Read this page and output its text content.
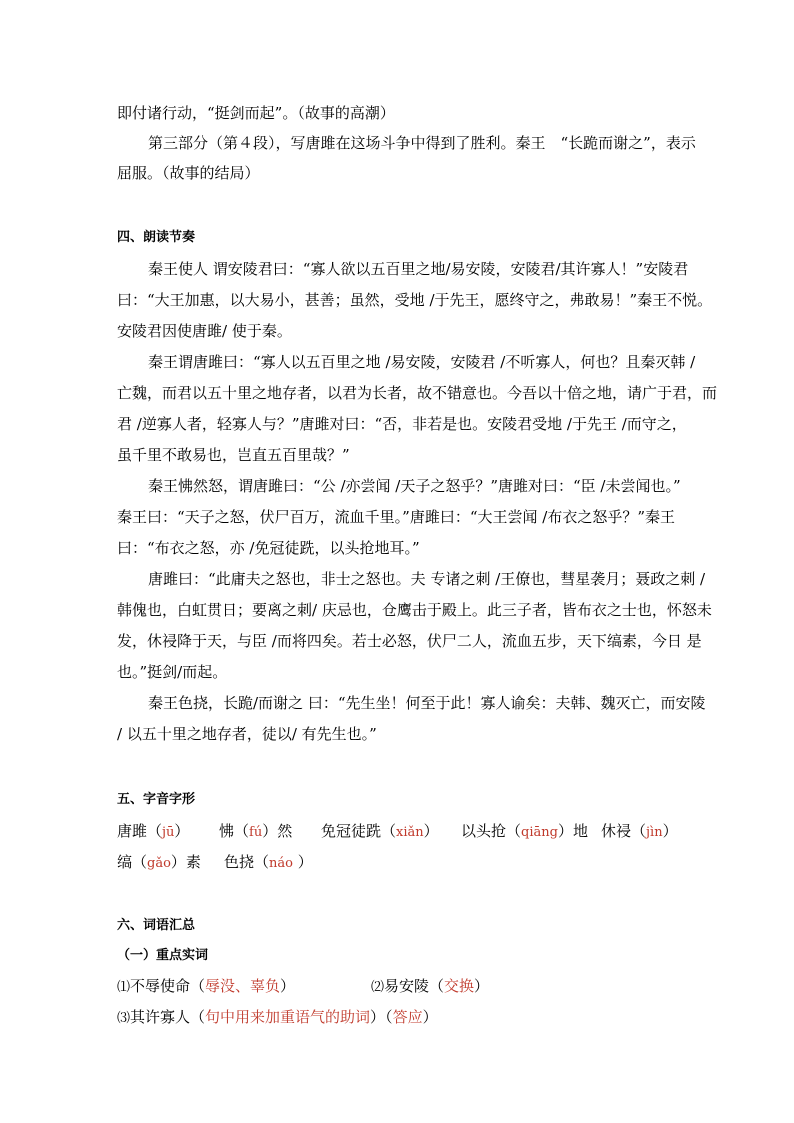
即付诸行动，“挺剑而起”。（故事的高潮）
第三部分（第４段），写唐雎在这场斗争中得到了胜利。秦王　“长跪而谢之”，表示
屈服。（故事的结局）
四、朗读节奏
秦王使人 谓安陵君曰：“寡人欲以五百里之地/易安陵，安陵君/其许寡人！”安陵君
曰：“大王加惠，以大易小，甚善；虽然，受地 /于先王，愿终守之，弗敢易！”秦王不悦。
安陵君因使唐雎/ 使于秦。
秦王谓唐雎曰：“寡人以五百里之地 /易安陵，安陵君 /不听寡人，何也？且秦灭韩 /
亡魏，而君以五十里之地存者，以君为长者，故不错意也。今吾以十倍之地，请广于君，而
君 /逆寡人者，轻寡人与？”唐雎对曰：“否，非若是也。安陵君受地 /于先王 /而守之，
虽千里不敢易也，岂直五百里哉？”
秦王怫然怒，谓唐雎曰：“公 /亦尝闻 /天子之怒乎？”唐雎对曰：“臣 /未尝闻也。”
秦王曰：“天子之怒，伏尸百万，流血千里。”唐雎曰：“大王尝闻 /布衣之怒乎？”秦王
曰：“布衣之怒，亦 /免冠徒跣，以头抢地耳。”
唐雎曰：“此庸夫之怒也，非士之怒也。夫 专诸之刺 /王僚也，彗星袭月；聂政之刺 /
韩傀也，白虹贯日；要离之刺/ 庆忌也，仓鹰击于殿上。此三子者，皆布衣之士也，怀怒未
发，休祲降于天，与臣 /而将四矣。若士必怒，伏尸二人，流血五步，天下缟素，今日 是
也。”挺剑/而起。
秦王色挠，长跪/而谢之 曰：“先生坐！何至于此！寡人谕矣：夫韩、魏灭亡，而安陵
/ 以五十里之地存者，徒以/ 有先生也。”
五、字音字形
唐雎（jū） 怫（fú）然 免冠徒跣（xiǎn） 以头抢（qiāng）地 休祲（jìn）
缟（gǎo）素 色挠（náo ）
六、词语汇总
（一）重点实词
⑴不辱使命（辱没、辜负）	⑵易安陵（交换）
⑶其许寡人（句中用来加重语气的助词）（答应）
